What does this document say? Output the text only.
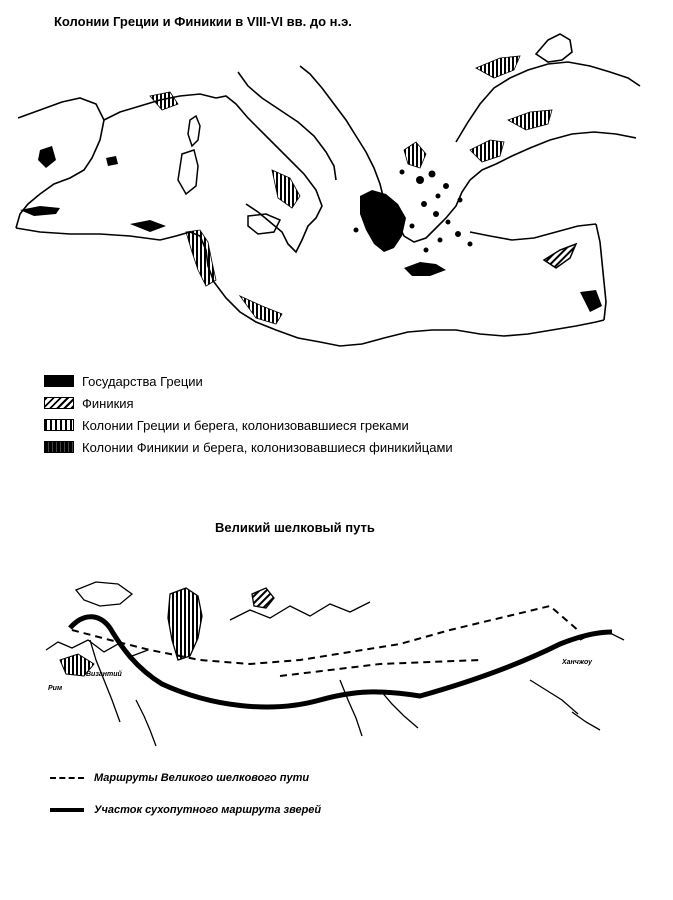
Колонии Греции и Финикии в VIII-VI вв. до н.э.
Рим
Византий
Ханчжоу
Государства Греции
Финикия
Колонии Греции и берега, колонизовавшиеся греками
Колонии Финикии и берега, колонизовавшиеся финикийцами
Великий шелковый путь
Маршруты Великого шелкового пути
Участок сухопутного маршрута зверей
